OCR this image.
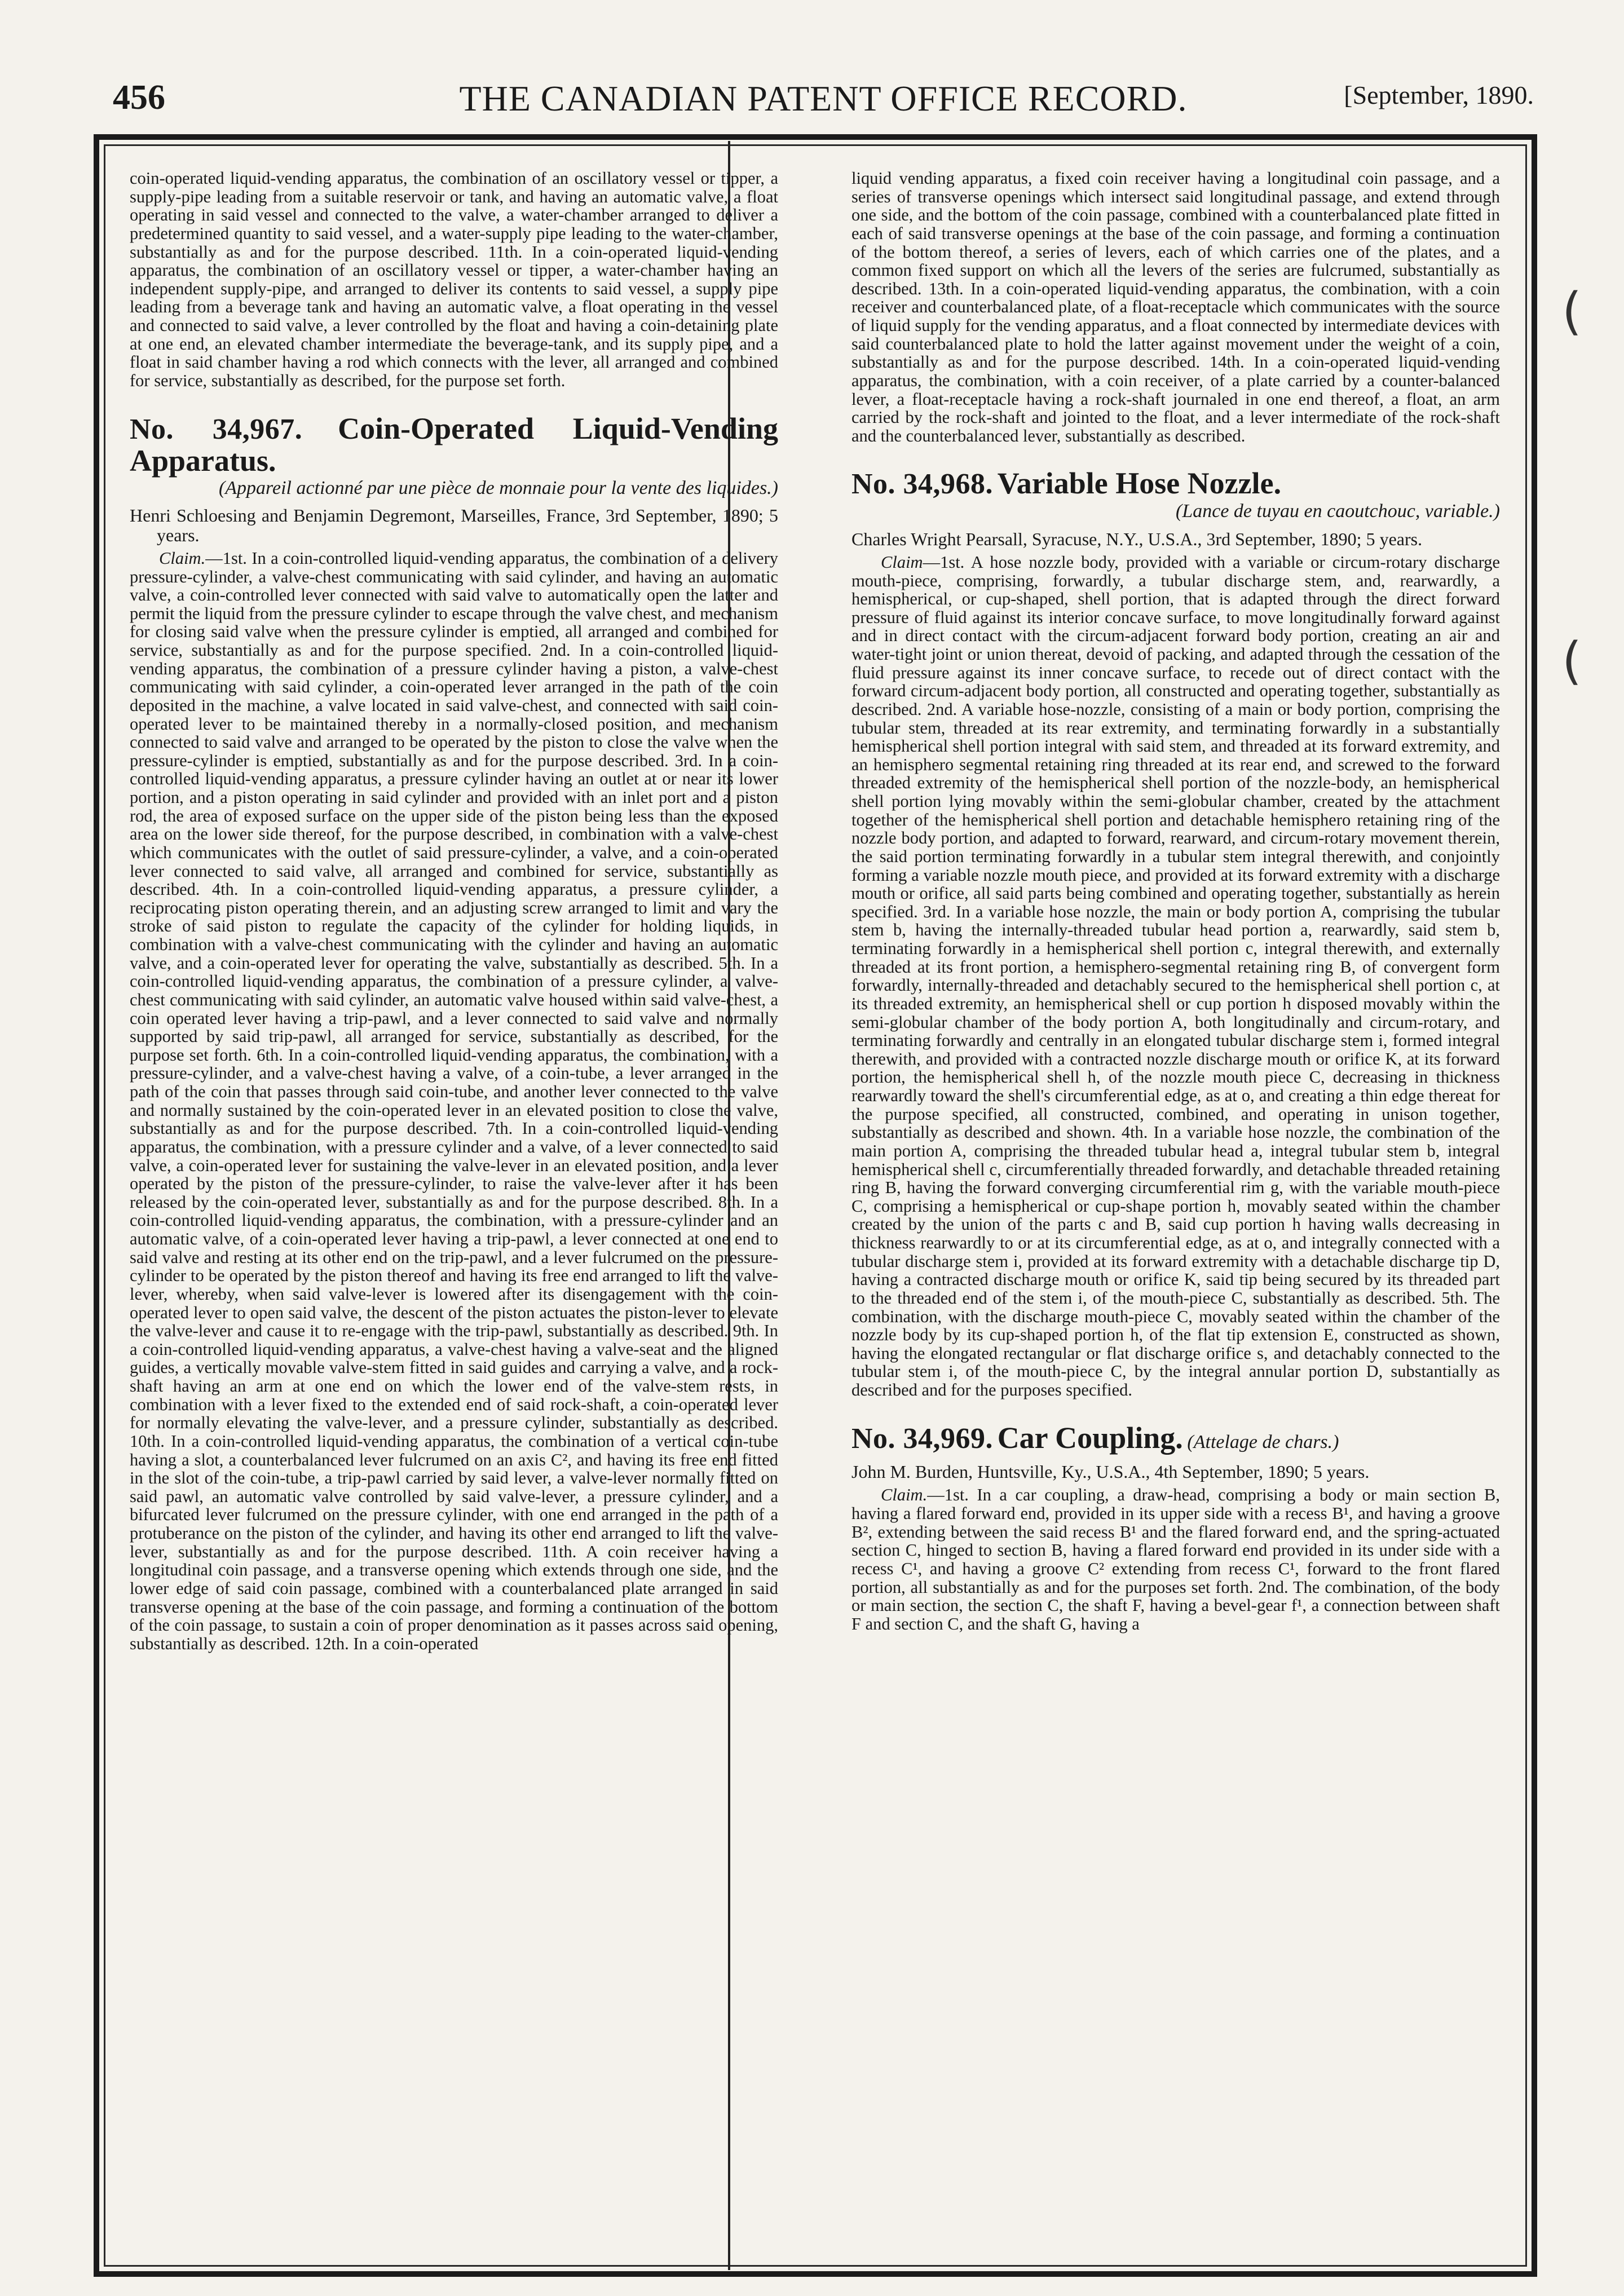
456	THE CANADIAN PATENT OFFICE RECORD.	[September, 1890.
(
(

coin-operated liquid-vending apparatus, the combination of an oscillatory vessel or tipper, a supply-pipe leading from a suitable reservoir or tank, and having an automatic valve, a float operating in said vessel and connected to the valve, a water-chamber arranged to deliver a predetermined quantity to said vessel, and a water-supply pipe leading to the water-chamber, substantially as and for the purpose described. 11th. In a coin-operated liquid-vending apparatus, the combination of an oscillatory vessel or tipper, a water-chamber having an independent supply-pipe, and arranged to deliver its contents to said vessel, a supply pipe leading from a beverage tank and having an automatic valve, a float operating in the vessel and connected to said valve, a lever controlled by the float and having a coin-detaining plate at one end, an elevated chamber intermediate the beverage-tank, and its supply pipe, and a float in said chamber having a rod which connects with the lever, all arranged and combined for service, substantially as described, for the purpose set forth.

No. 34,967. Coin-Operated Liquid-Vending Apparatus.
(Appareil actionné par une pièce de monnaie pour la vente des liquides.)

Henri Schloesing and Benjamin Degremont, Marseilles, France, 3rd September, 1890; 5 years.

Claim.—1st. In a coin-controlled liquid-vending apparatus, the combination of a delivery pressure-cylinder, a valve-chest communicating with said cylinder, and having an automatic valve, a coin-controlled lever connected with said valve to automatically open the latter and permit the liquid from the pressure cylinder to escape through the valve chest, and mechanism for closing said valve when the pressure cylinder is emptied, all arranged and combined for service, substantially as and for the purpose specified. 2nd. In a coin-controlled liquid-vending apparatus, the combination of a pressure cylinder having a piston, a valve-chest communicating with said cylinder, a coin-operated lever arranged in the path of the coin deposited in the machine, a valve located in said valve-chest, and connected with said coin-operated lever to be maintained thereby in a normally-closed position, and mechanism connected to said valve and arranged to be operated by the piston to close the valve when the pressure-cylinder is emptied, substantially as and for the purpose described. 3rd. In a coin-controlled liquid-vending apparatus, a pressure cylinder having an outlet at or near its lower portion, and a piston operating in said cylinder and provided with an inlet port and a piston rod, the area of exposed surface on the upper side of the piston being less than the exposed area on the lower side thereof, for the purpose described, in combination with a valve-chest which communicates with the outlet of said pressure-cylinder, a valve, and a coin-operated lever connected to said valve, all arranged and combined for service, substantially as described. 4th. In a coin-controlled liquid-vending apparatus, a pressure cylinder, a reciprocating piston operating therein, and an adjusting screw arranged to limit and vary the stroke of said piston to regulate the capacity of the cylinder for holding liquids, in combination with a valve-chest communicating with the cylinder and having an automatic valve, and a coin-operated lever for operating the valve, substantially as described. 5th. In a coin-controlled liquid-vending apparatus, the combination of a pressure cylinder, a valve-chest communicating with said cylinder, an automatic valve housed within said valve-chest, a coin operated lever having a trip-pawl, and a lever connected to said valve and normally supported by said trip-pawl, all arranged for service, substantially as described, for the purpose set forth. 6th. In a coin-controlled liquid-vending apparatus, the combination, with a pressure-cylinder, and a valve-chest having a valve, of a coin-tube, a lever arranged in the path of the coin that passes through said coin-tube, and another lever connected to the valve and normally sustained by the coin-operated lever in an elevated position to close the valve, substantially as and for the purpose described. 7th. In a coin-controlled liquid-vending apparatus, the combination, with a pressure cylinder and a valve, of a lever connected to said valve, a coin-operated lever for sustaining the valve-lever in an elevated position, and a lever operated by the piston of the pressure-cylinder, to raise the valve-lever after it has been released by the coin-operated lever, substantially as and for the purpose described. 8th. In a coin-controlled liquid-vending apparatus, the combination, with a pressure-cylinder and an automatic valve, of a coin-operated lever having a trip-pawl, a lever connected at one end to said valve and resting at its other end on the trip-pawl, and a lever fulcrumed on the pressure-cylinder to be operated by the piston thereof and having its free end arranged to lift the valve-lever, whereby, when said valve-lever is lowered after its disengagement with the coin-operated lever to open said valve, the descent of the piston actuates the piston-lever to elevate the valve-lever and cause it to re-engage with the trip-pawl, substantially as described. 9th. In a coin-controlled liquid-vending apparatus, a valve-chest having a valve-seat and the aligned guides, a vertically movable valve-stem fitted in said guides and carrying a valve, and a rock-shaft having an arm at one end on which the lower end of the valve-stem rests, in combination with a lever fixed to the extended end of said rock-shaft, a coin-operated lever for normally elevating the valve-lever, and a pressure cylinder, substantially as described. 10th. In a coin-controlled liquid-vending apparatus, the combination of a vertical coin-tube having a slot, a counterbalanced lever fulcrumed on an axis C², and having its free end fitted in the slot of the coin-tube, a trip-pawl carried by said lever, a valve-lever normally fitted on said pawl, an automatic valve controlled by said valve-lever, a pressure cylinder, and a bifurcated lever fulcrumed on the pressure cylinder, with one end arranged in the path of a protuberance on the piston of the cylinder, and having its other end arranged to lift the valve-lever, substantially as and for the purpose described. 11th. A coin receiver having a longitudinal coin passage, and a transverse opening which extends through one side, and the lower edge of said coin passage, combined with a counterbalanced plate arranged in said transverse opening at the base of the coin passage, and forming a continuation of the bottom of the coin passage, to sustain a coin of proper denomination as it passes across said opening, substantially as described. 12th. In a coin-operated

liquid vending apparatus, a fixed coin receiver having a longitudinal coin passage, and a series of transverse openings which intersect said longitudinal passage, and extend through one side, and the bottom of the coin passage, combined with a counterbalanced plate fitted in each of said transverse openings at the base of the coin passage, and forming a continuation of the bottom thereof, a series of levers, each of which carries one of the plates, and a common fixed support on which all the levers of the series are fulcrumed, substantially as described. 13th. In a coin-operated liquid-vending apparatus, the combination, with a coin receiver and counterbalanced plate, of a float-receptacle which communicates with the source of liquid supply for the vending apparatus, and a float connected by intermediate devices with said counterbalanced plate to hold the latter against movement under the weight of a coin, substantially as and for the purpose described. 14th. In a coin-operated liquid-vending apparatus, the combination, with a coin receiver, of a plate carried by a counter-balanced lever, a float-receptacle having a rock-shaft journaled in one end thereof, a float, an arm carried by the rock-shaft and jointed to the float, and a lever intermediate of the rock-shaft and the counterbalanced lever, substantially as described.

No. 34,968. Variable Hose Nozzle.
(Lance de tuyau en caoutchouc, variable.)

Charles Wright Pearsall, Syracuse, N.Y., U.S.A., 3rd September, 1890; 5 years.

Claim—1st. A hose nozzle body, provided with a variable or circum-rotary discharge mouth-piece, comprising, forwardly, a tubular discharge stem, and, rearwardly, a hemispherical, or cup-shaped, shell portion, that is adapted through the direct forward pressure of fluid against its interior concave surface, to move longitudinally forward against and in direct contact with the circum-adjacent forward body portion, creating an air and water-tight joint or union thereat, devoid of packing, and adapted through the cessation of the fluid pressure against its inner concave surface, to recede out of direct contact with the forward circum-adjacent body portion, all constructed and operating together, substantially as described. 2nd. A variable hose-nozzle, consisting of a main or body portion, comprising the tubular stem, threaded at its rear extremity, and terminating forwardly in a substantially hemispherical shell portion integral with said stem, and threaded at its forward extremity, and an hemisphero segmental retaining ring threaded at its rear end, and screwed to the forward threaded extremity of the hemispherical shell portion of the nozzle-body, an hemispherical shell portion lying movably within the semi-globular chamber, created by the attachment together of the hemispherical shell portion and detachable hemisphero retaining ring of the nozzle body portion, and adapted to forward, rearward, and circum-rotary movement therein, the said portion terminating forwardly in a tubular stem integral therewith, and conjointly forming a variable nozzle mouth piece, and provided at its forward extremity with a discharge mouth or orifice, all said parts being combined and operating together, substantially as herein specified. 3rd. In a variable hose nozzle, the main or body portion A, comprising the tubular stem b, having the internally-threaded tubular head portion a, rearwardly, said stem b, terminating forwardly in a hemispherical shell portion c, integral therewith, and externally threaded at its front portion, a hemisphero-segmental retaining ring B, of convergent form forwardly, internally-threaded and detachably secured to the hemispherical shell portion c, at its threaded extremity, an hemispherical shell or cup portion h disposed movably within the semi-globular chamber of the body portion A, both longitudinally and circum-rotary, and terminating forwardly and centrally in an elongated tubular discharge stem i, formed integral therewith, and provided with a contracted nozzle discharge mouth or orifice K, at its forward portion, the hemispherical shell h, of the nozzle mouth piece C, decreasing in thickness rearwardly toward the shell's circumferential edge, as at o, and creating a thin edge thereat for the purpose specified, all constructed, combined, and operating in unison together, substantially as described and shown. 4th. In a variable hose nozzle, the combination of the main portion A, comprising the threaded tubular head a, integral tubular stem b, integral hemispherical shell c, circumferentially threaded forwardly, and detachable threaded retaining ring B, having the forward converging circumferential rim g, with the variable mouth-piece C, comprising a hemispherical or cup-shape portion h, movably seated within the chamber created by the union of the parts c and B, said cup portion h having walls decreasing in thickness rearwardly to or at its circumferential edge, as at o, and integrally connected with a tubular discharge stem i, provided at its forward extremity with a detachable discharge tip D, having a contracted discharge mouth or orifice K, said tip being secured by its threaded part to the threaded end of the stem i, of the mouth-piece C, substantially as described. 5th. The combination, with the discharge mouth-piece C, movably seated within the chamber of the nozzle body by its cup-shaped portion h, of the flat tip extension E, constructed as shown, having the elongated rectangular or flat discharge orifice s, and detachably connected to the tubular stem i, of the mouth-piece C, by the integral annular portion D, substantially as described and for the purposes specified.

No. 34,969. Car Coupling. (Attelage de chars.)

John M. Burden, Huntsville, Ky., U.S.A., 4th September, 1890; 5 years.

Claim.—1st. In a car coupling, a draw-head, comprising a body or main section B, having a flared forward end, provided in its upper side with a recess B¹, and having a groove B², extending between the said recess B¹ and the flared forward end, and the spring-actuated section C, hinged to section B, having a flared forward end provided in its under side with a recess C¹, and having a groove C² extending from recess C¹, forward to the front flared portion, all substantially as and for the purposes set forth. 2nd. The combination, of the body or main section, the section C, the shaft F, having a bevel-gear f¹, a connection between shaft F and section C, and the shaft G, having a
